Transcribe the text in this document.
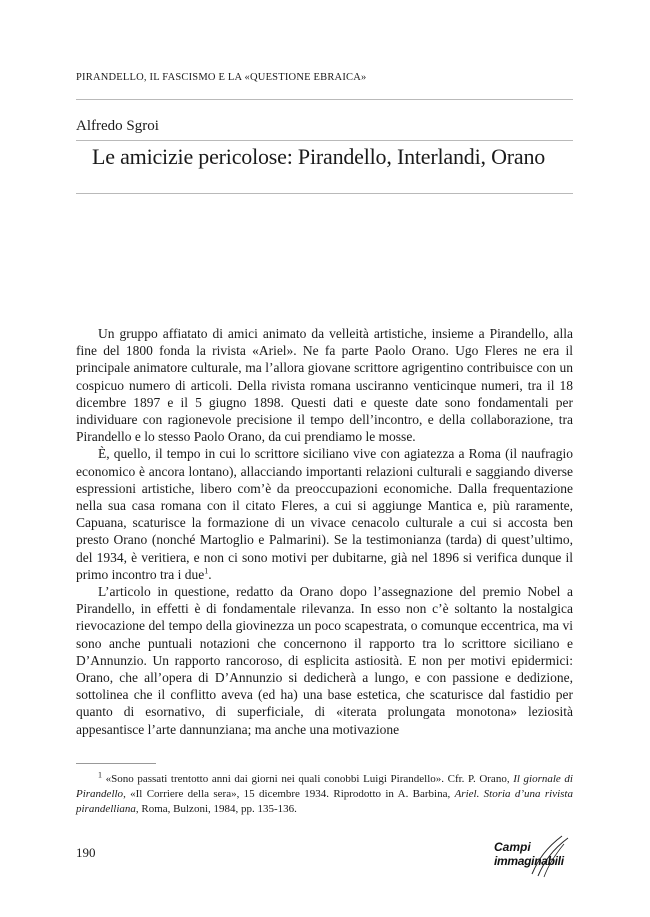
PIRANDELLO, IL FASCISMO E LA «QUESTIONE EBRAICA»
Alfredo Sgroi
Le amicizie pericolose: Pirandello, Interlandi, Orano

Un gruppo affiatato di amici animato da velleità artistiche, insieme a Pirandello, alla fine del 1800 fonda la rivista «Ariel». Ne fa parte Paolo Orano. Ugo Fleres ne era il principale animatore culturale, ma l’allora giovane scrittore agrigentino contribuisce con un cospicuo numero di articoli. Della rivista romana usciranno venticinque numeri, tra il 18 dicembre 1897 e il 5 giugno 1898. Questi dati e queste date sono fondamentali per individuare con ragionevole precisione il tempo dell’incontro, e della collaborazione, tra Pirandello e lo stesso Paolo Orano, da cui prendiamo le mosse.

È, quello, il tempo in cui lo scrittore siciliano vive con agiatezza a Roma (il naufragio economico è ancora lontano), allacciando importanti relazioni culturali e saggiando diverse espressioni artistiche, libero com’è da preoccupazioni economiche. Dalla frequentazione nella sua casa romana con il citato Fleres, a cui si aggiunge Mantica e, più raramente, Capuana, scaturisce la formazione di un vivace cenacolo culturale a cui si accosta ben presto Orano (nonché Martoglio e Palmarini). Se la testimonianza (tarda) di quest’ultimo, del 1934, è veritiera, e non ci sono motivi per dubitarne, già nel 1896 si verifica dunque il primo incontro tra i due$^1$.

L’articolo in questione, redatto da Orano dopo l’assegnazione del premio Nobel a Pirandello, in effetti è di fondamentale rilevanza. In esso non c’è soltanto la nostalgica rievocazione del tempo della giovinezza un poco scapestrata, o comunque eccentrica, ma vi sono anche puntuali notazioni che concernono il rapporto tra lo scrittore siciliano e D’Annunzio. Un rapporto rancoroso, di esplicita astiosità. E non per motivi epidermici: Orano, che all’opera di D’Annunzio si dedicherà a lungo, e con passione e dedizione, sottolinea che il conflitto aveva (ed ha) una base estetica, che scaturisce dal fastidio per quanto di esornativo, di superficiale, di «iterata prolungata monotona» leziosità appesantisce l’arte dannunziana; ma anche una motivazione

$^1$ «Sono passati trentotto anni dai giorni nei quali conobbi Luigi Pirandello». Cfr. P. Orano, Il giornale di Pirandello, «Il Corriere della sera», 15 dicembre 1934. Riprodotto in A. Barbina, Ariel. Storia d’una rivista pirandelliana, Roma, Bulzoni, 1984, pp. 135-136.
190	Campi
immaginabili
